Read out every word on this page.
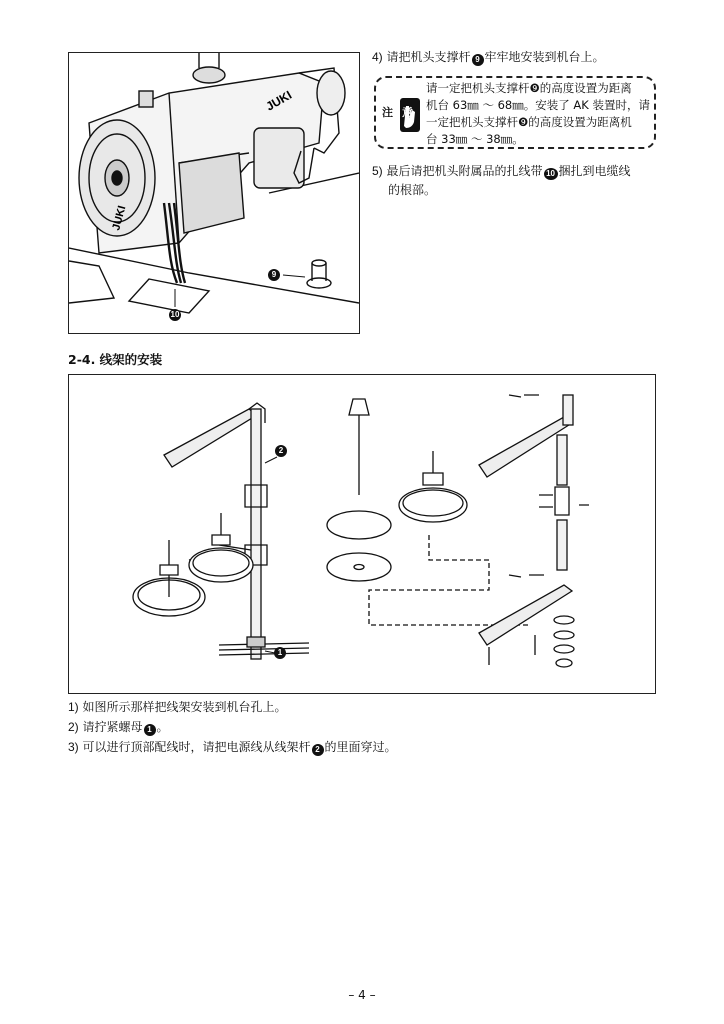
JUKI
JUKI
9
10
4) 请把机头支撑杆 9 牢牢地安装到机台上。
注 意
请一定把机头支撑杆❾的高度设置为距离
机台 63㎜ ～ 68㎜。安装了 AK 装置时，请
一定把机头支撑杆❾的高度设置为距离机
台 33㎜ ～ 38㎜。
5) 最后请把机头附属品的扎线带 10 捆扎到电缆线
的根部。
2-4. 线架的安装
2
1
1) 如图所示那样把线架安装到机台孔上。
2) 请拧紧螺母 1 。
3) 可以进行顶部配线时，请把电源线从线架杆 2 的里面穿过。
– 4 –
